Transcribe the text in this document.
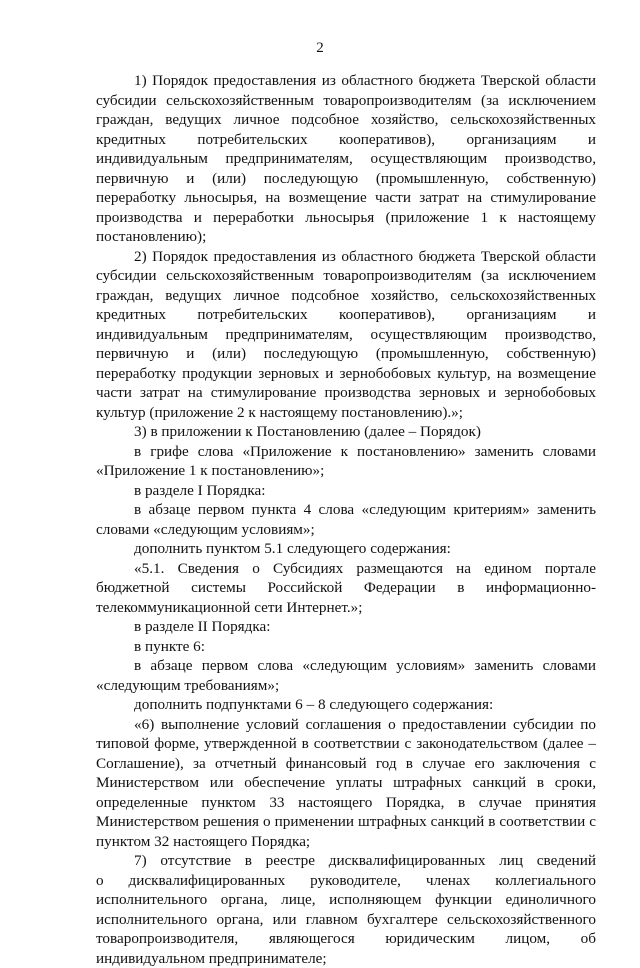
2

1) Порядок предоставления из областного бюджета Тверской области субсидии сельскохозяйственным товаропроизводителям (за исключением граждан, ведущих личное подсобное хозяйство, сельскохозяйственных кредитных потребительских кооперативов), организациям и индивидуальным предпринимателям, осуществляющим производство, первичную и (или) последующую (промышленную, собственную) переработку льносырья, на возмещение части затрат на стимулирование производства и переработки льносырья (приложение 1 к настоящему постановлению);

2) Порядок предоставления из областного бюджета Тверской области субсидии сельскохозяйственным товаропроизводителям (за исключением граждан, ведущих личное подсобное хозяйство, сельскохозяйственных кредитных потребительских кооперативов), организациям и индивидуальным предпринимателям, осуществляющим производство, первичную и (или) последующую (промышленную, собственную) переработку продукции зерновых и зернобобовых культур, на возмещение части затрат на стимулирование производства зерновых и зернобобовых культур (приложение 2 к настоящему постановлению).»;

3) в приложении к Постановлению (далее – Порядок)

в грифе слова «Приложение к постановлению» заменить словами «Приложение 1 к постановлению»;

в разделе I Порядка:

в абзаце первом пункта 4 слова «следующим критериям» заменить словами «следующим условиям»;

дополнить пунктом 5.1 следующего содержания:

«5.1. Сведения о Субсидиях размещаются на едином портале бюджетной системы Российской Федерации в информационно-телекоммуникационной сети Интернет.»;

в разделе II Порядка:

в пункте 6:

в абзаце первом слова «следующим условиям» заменить словами «следующим требованиям»;

дополнить подпунктами 6 – 8 следующего содержания:

«6) выполнение условий соглашения о предоставлении субсидии по типовой форме, утвержденной в соответствии с законодательством (далее – Соглашение), за отчетный финансовый год в случае его заключения с Министерством или обеспечение уплаты штрафных санкций в сроки, определенные пунктом 33 настоящего Порядка, в случае принятия Министерством решения о применении штрафных санкций в соответствии с пунктом 32 настоящего Порядка;

7) отсутствие в реестре дисквалифицированных лиц сведений о дисквалифицированных руководителе, членах коллегиального исполнительного органа, лице, исполняющем функции единоличного исполнительного органа, или главном бухгалтере сельскохозяйственного товаропроизводителя, являющегося юридическим лицом, об индивидуальном предпринимателе;
